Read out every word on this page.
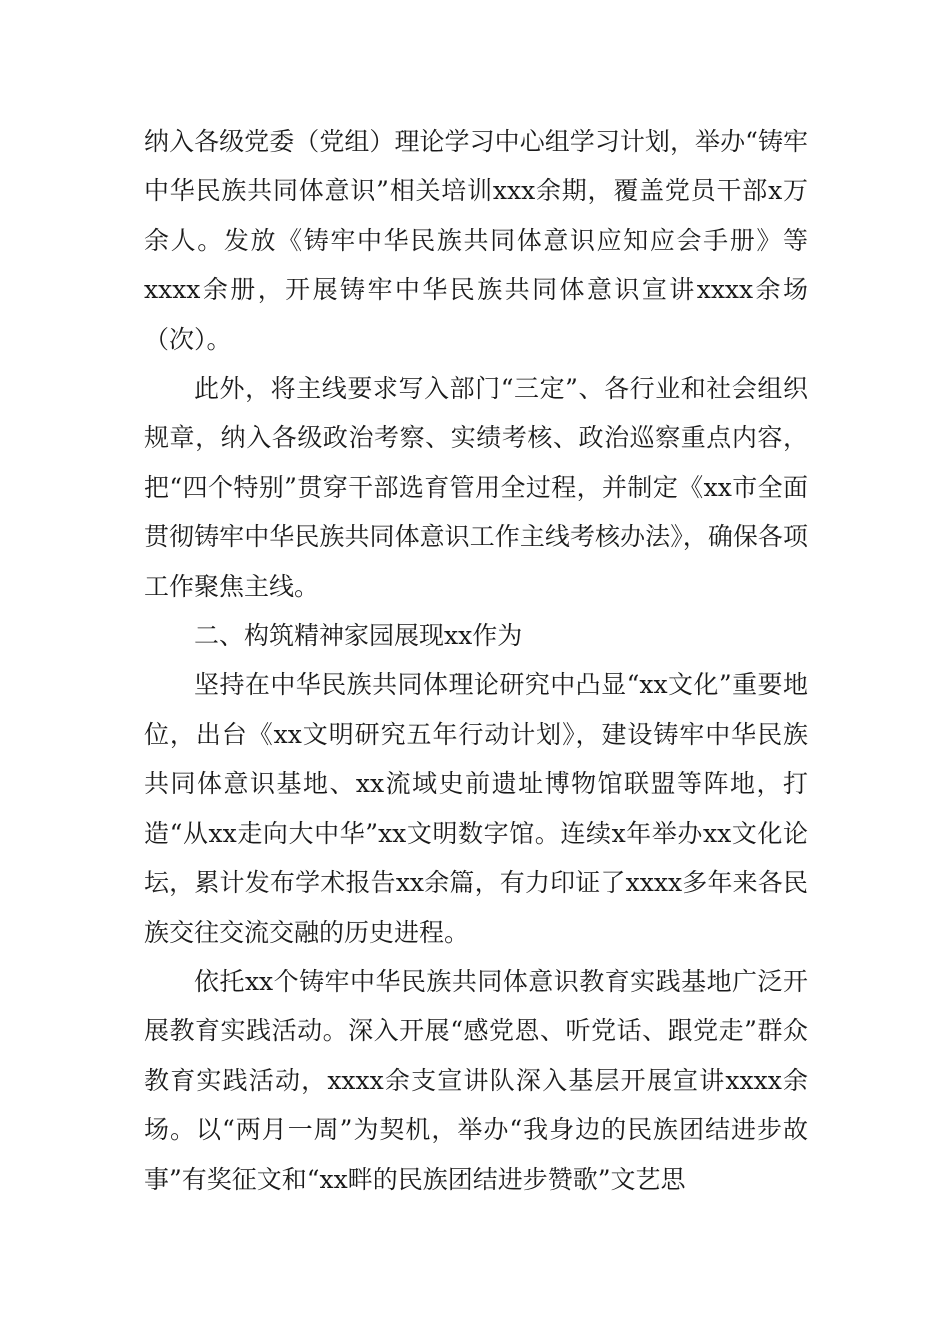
纳入各级党委（党组）理论学习中心组学习计划，举办“铸牢中华民族共同体意识”相关培训xxx余期，覆盖党员干部x万余人。发放《铸牢中华民族共同体意识应知应会手册》等xxxx余册，开展铸牢中华民族共同体意识宣讲xxxx余场（次）。

此外，将主线要求写入部门“三定”、各行业和社会组织规章，纳入各级政治考察、实绩考核、政治巡察重点内容，把“四个特别”贯穿干部选育管用全过程，并制定《xx市全面贯彻铸牢中华民族共同体意识工作主线考核办法》，确保各项工作聚焦主线。

二、构筑精神家园展现xx作为

坚持在中华民族共同体理论研究中凸显“xx文化”重要地位，出台《xx文明研究五年行动计划》，建设铸牢中华民族共同体意识基地、xx流域史前遗址博物馆联盟等阵地，打造“从xx走向大中华”xx文明数字馆。连续x年举办xx文化论坛，累计发布学术报告xx余篇，有力印证了xxxx多年来各民族交往交流交融的历史进程。

依托xx个铸牢中华民族共同体意识教育实践基地广泛开展教育实践活动。深入开展“感党恩、听党话、跟党走”群众教育实践活动，xxxx余支宣讲队深入基层开展宣讲xxxx余场。以“两月一周”为契机，举办“我身边的民族团结进步故事”有奖征文和“xx畔的民族团结进步赞歌”文艺思
